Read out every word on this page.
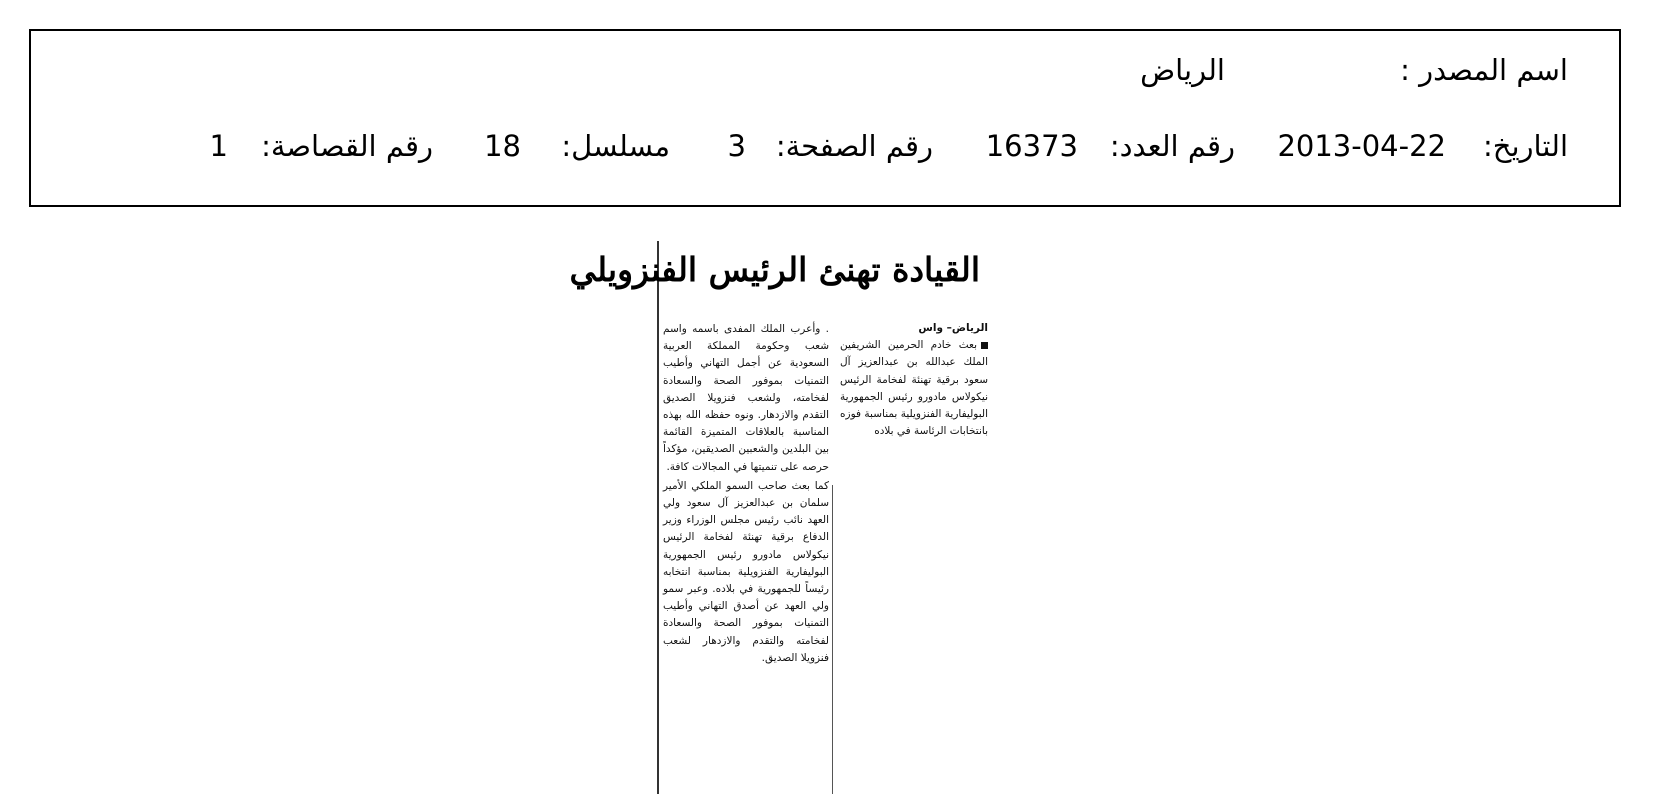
اسم المصدر :
الرياض
التاريخ:
2013-04-22
رقم العدد:
16373
رقم الصفحة:
3
مسلسل:
18
رقم القصاصة:
1
القيادة تهنئ الرئيس الفنزويلي
الرياض– واس
بعث خادم الحرمين الشريفين الملك عبدالله بن عبدالعزيز آل سعود برقية تهنئة لفخامة الرئيس نيكولاس مادورو رئيس الجمهورية البوليفارية الفنزويلية بمناسبة فوزه بانتخابات الرئاسة في بلاده
. وأعرب الملك المفدى باسمه واسم شعب وحكومة المملكة العربية السعودية عن أجمل التهاني وأطيب التمنيات بموفور الصحة والسعادة لفخامته، ولشعب فنزويلا الصديق التقدم والازدهار. ونوه حفظه الله بهذه المناسبة بالعلاقات المتميزة القائمة بين البلدين والشعبين الصديقين، مؤكداً حرصه على تنميتها في المجالات كافة.
كما بعث صاحب السمو الملكي الأمير سلمان بن عبدالعزيز آل سعود ولي العهد نائب رئيس مجلس الوزراء وزير الدفاع برقية تهنئة لفخامة الرئيس نيكولاس مادورو رئيس الجمهورية البوليفارية الفنزويلية بمناسبة انتخابه رئيساً للجمهورية في بلاده. وعبر سمو ولي العهد عن أصدق التهاني وأطيب التمنيات بموفور الصحة والسعادة لفخامته والتقدم والازدهار لشعب فنزويلا الصديق.
